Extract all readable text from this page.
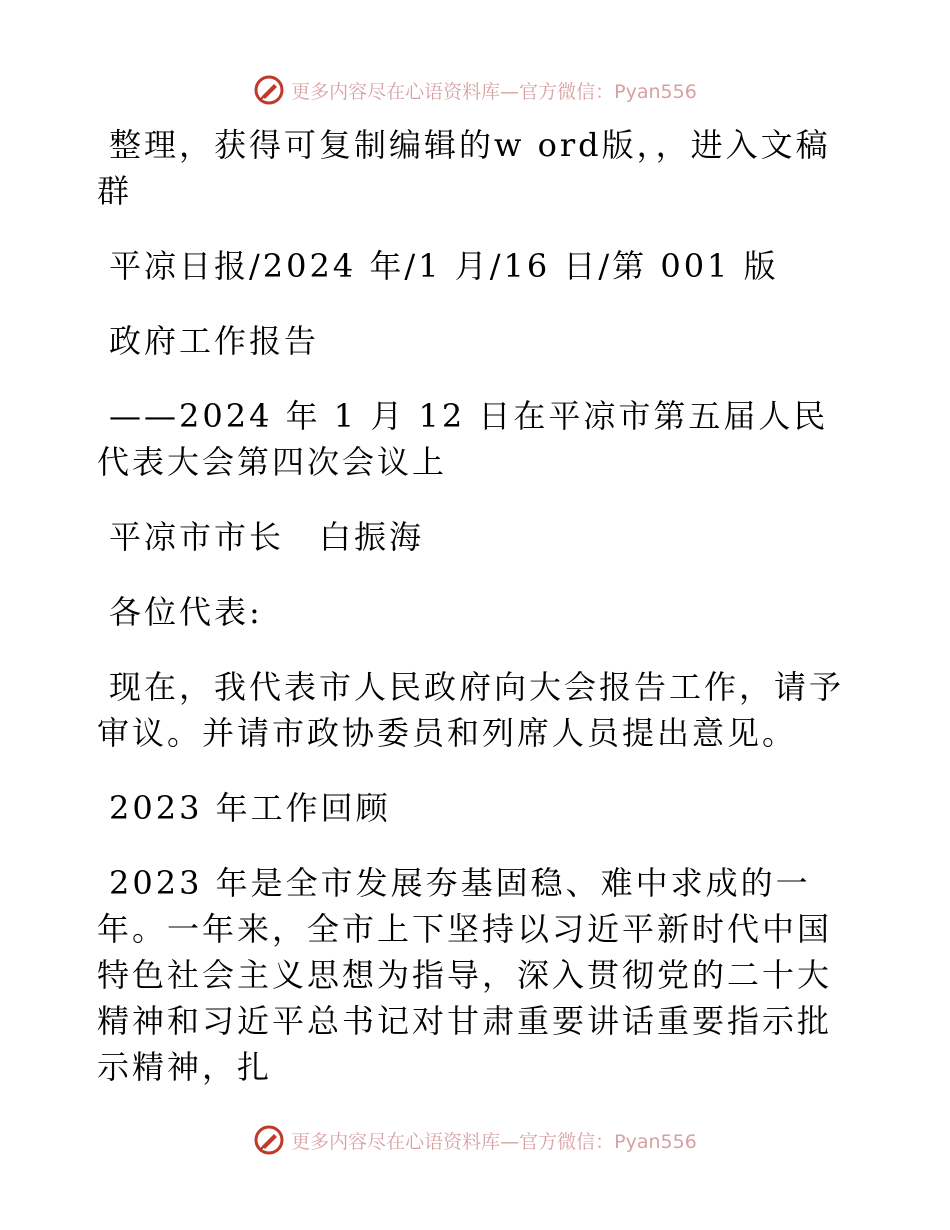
更多内容尽在心语资料库—官方微信：Pyan556

整理，获得可复制编辑的w ord版，，进入文稿群

平凉日报/2024 年/1 月/16 日/第 001 版

政府工作报告

——2024 年 1 月 12 日在平凉市第五届人民代表大会第四次会议上

平凉市市长　白振海

各位代表:

现在，我代表市人民政府向大会报告工作，请予审议。并请市政协委员和列席人员提出意见。

2023 年工作回顾

2023 年是全市发展夯基固稳、难中求成的一年。一年来，全市上下坚持以习近平新时代中国特色社会主义思想为指导，深入贯彻党的二十大精神和习近平总书记对甘肃重要讲话重要指示批示精神，扎

更多内容尽在心语资料库—官方微信：Pyan556
